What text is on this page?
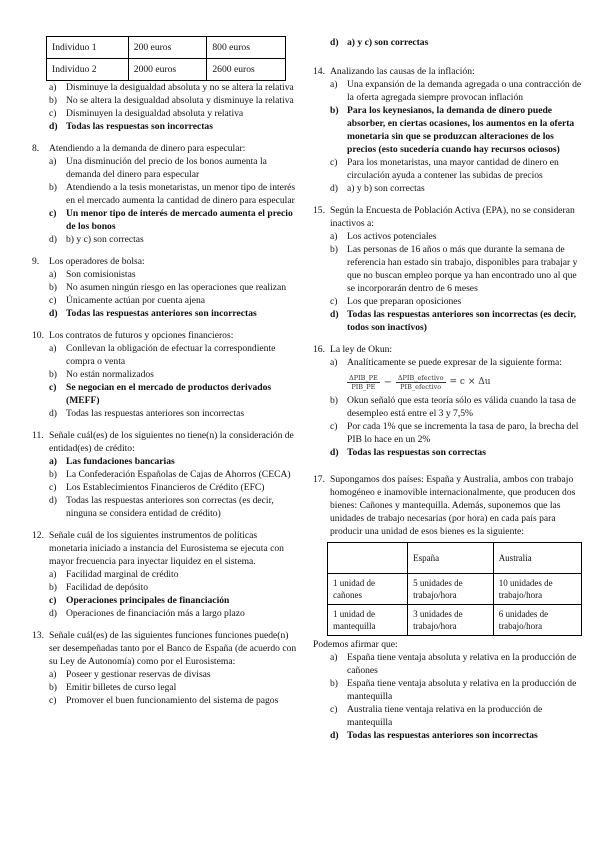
Individuo 1	200 euros	800 euros
Individuo 2	2000 euros	2600 euros
a) Disminuye la desigualdad absoluta y no se altera la relativa
b) No se altera la desigualdad absoluta y disminuye la relativa
c) Disminuyen la desigualdad absoluta y relativa
d) Todas las respuestas son incorrectas
8.	Atendiendo a la demanda de dinero para especular:
a) Una disminución del precio de los bonos aumenta la demanda del dinero para especular
b) Atendiendo a la tesis monetaristas, un menor tipo de interés en el mercado aumenta la cantidad de dinero para especular
c) Un menor tipo de interés de mercado aumenta el precio de los bonos
d) b) y c) son correctas
9.	Los operadores de bolsa:
a) Son comisionistas
b) No asumen ningún riesgo en las operaciones que realizan
c) Únicamente actúan por cuenta ajena
d) Todas las respuestas anteriores son incorrectas
10. Los contratos de futuros y opciones financieros:
a) Conllevan la obligación de efectuar la correspondiente compra o venta
b) No están normalizados
c) Se negocian en el mercado de productos derivados (MEFF)
d) Todas las respuestas anteriores son incorrectas
11. Señale cuál(es) de los siguientes no tiene(n) la consideración de entidad(es) de crédito:
a) Las fundaciones bancarias
b) La Confederación Españolas de Cajas de Ahorros (CECA)
c) Los Establecimientos Financieros de Crédito (EFC)
d) Todas las respuestas anteriores son correctas (es decir, ninguna se considera entidad de crédito)
12. Señale cuál de los siguientes instrumentos de políticas monetaria iniciado a instancia del Eurosistema se ejecuta con mayor frecuencia para inyectar liquidez en el sistema.
a) Facilidad marginal de crédito
b) Facilidad de depósito
c) Operaciones principales de financiación
d) Operaciones de financiación más a largo plazo
13. Señale cuál(es) de las siguientes funciones funciones puede(n) ser desempeñadas tanto por el Banco de España (de acuerdo con su Ley de Autonomía) como por el Eurosistema:
a) Poseer y gestionar reservas de divisas
b) Emitir billetes de curso legal
c) Promover el buen funcionamiento del sistema de pagos
d) a) y c) son correctas
14. Analizando las causas de la inflación:
a) Una expansión de la demanda agregada o una contracción de la oferta agregada siempre provocan inflación
b) Para los keynesianos, la demanda de dinero puede absorber, en ciertas ocasiones, los aumentos en la oferta monetaria sin que se produzcan alteraciones de los precios (esto sucedería cuando hay recursos ociosos)
c) Para los monetaristas, una mayor cantidad de dinero en circulación ayuda a contener las subidas de precios
d) a) y b) son correctas
15. Según la Encuesta de Población Activa (EPA), no se consideran inactivos a:
a) Los activos potenciales
b) Las personas de 16 años o más que durante la semana de referencia han estado sin trabajo, disponibles para trabajar y que no buscan empleo porque ya han encontrado uno al que se incorporarán dentro de 6 meses
c) Los que preparan oposiciones
d) Todas las respuestas anteriores son incorrectas (es decir, todos son inactivos)
16. La ley de Okun:
a) Analíticamente se puede expresar de la siguiente forma:
$\frac{\text{ΔPIB\_PE}}{\text{PIB\_PE}} - \frac{\text{ΔPIB\_efectivo}}{\text{PIB\_efectivo}} = c \times \Delta u$
b) Okun señaló que esta teoría sólo es válida cuando la tasa de desempleo está entre el 3 y 7,5%
c) Por cada 1% que se incrementa la tasa de paro, la brecha del PIB lo hace en un 2%
d) Todas las respuestas son correctas
17. Supongamos dos países: España y Australia, ambos con trabajo homogéneo e inamovible internacionalmente, que producen dos bienes: Cañones y mantequilla. Además, suponemos que las unidades de trabajo necesarias (por hora) en cada país para producir una unidad de esos bienes es la siguiente:
	España	Australia
1 unidad de cañones	5 unidades de trabajo/hora	10 unidades de trabajo/hora
1 unidad de mantequilla	3 unidades de trabajo/hora	6 unidades de trabajo/hora
Podemos afirmar que:
a) España tiene ventaja absoluta y relativa en la producción de cañones
b) España tiene ventaja absoluta y relativa en la producción de mantequilla
c) Australia tiene ventaja relativa en la producción de mantequilla
d) Todas las respuestas anteriores son incorrectas
